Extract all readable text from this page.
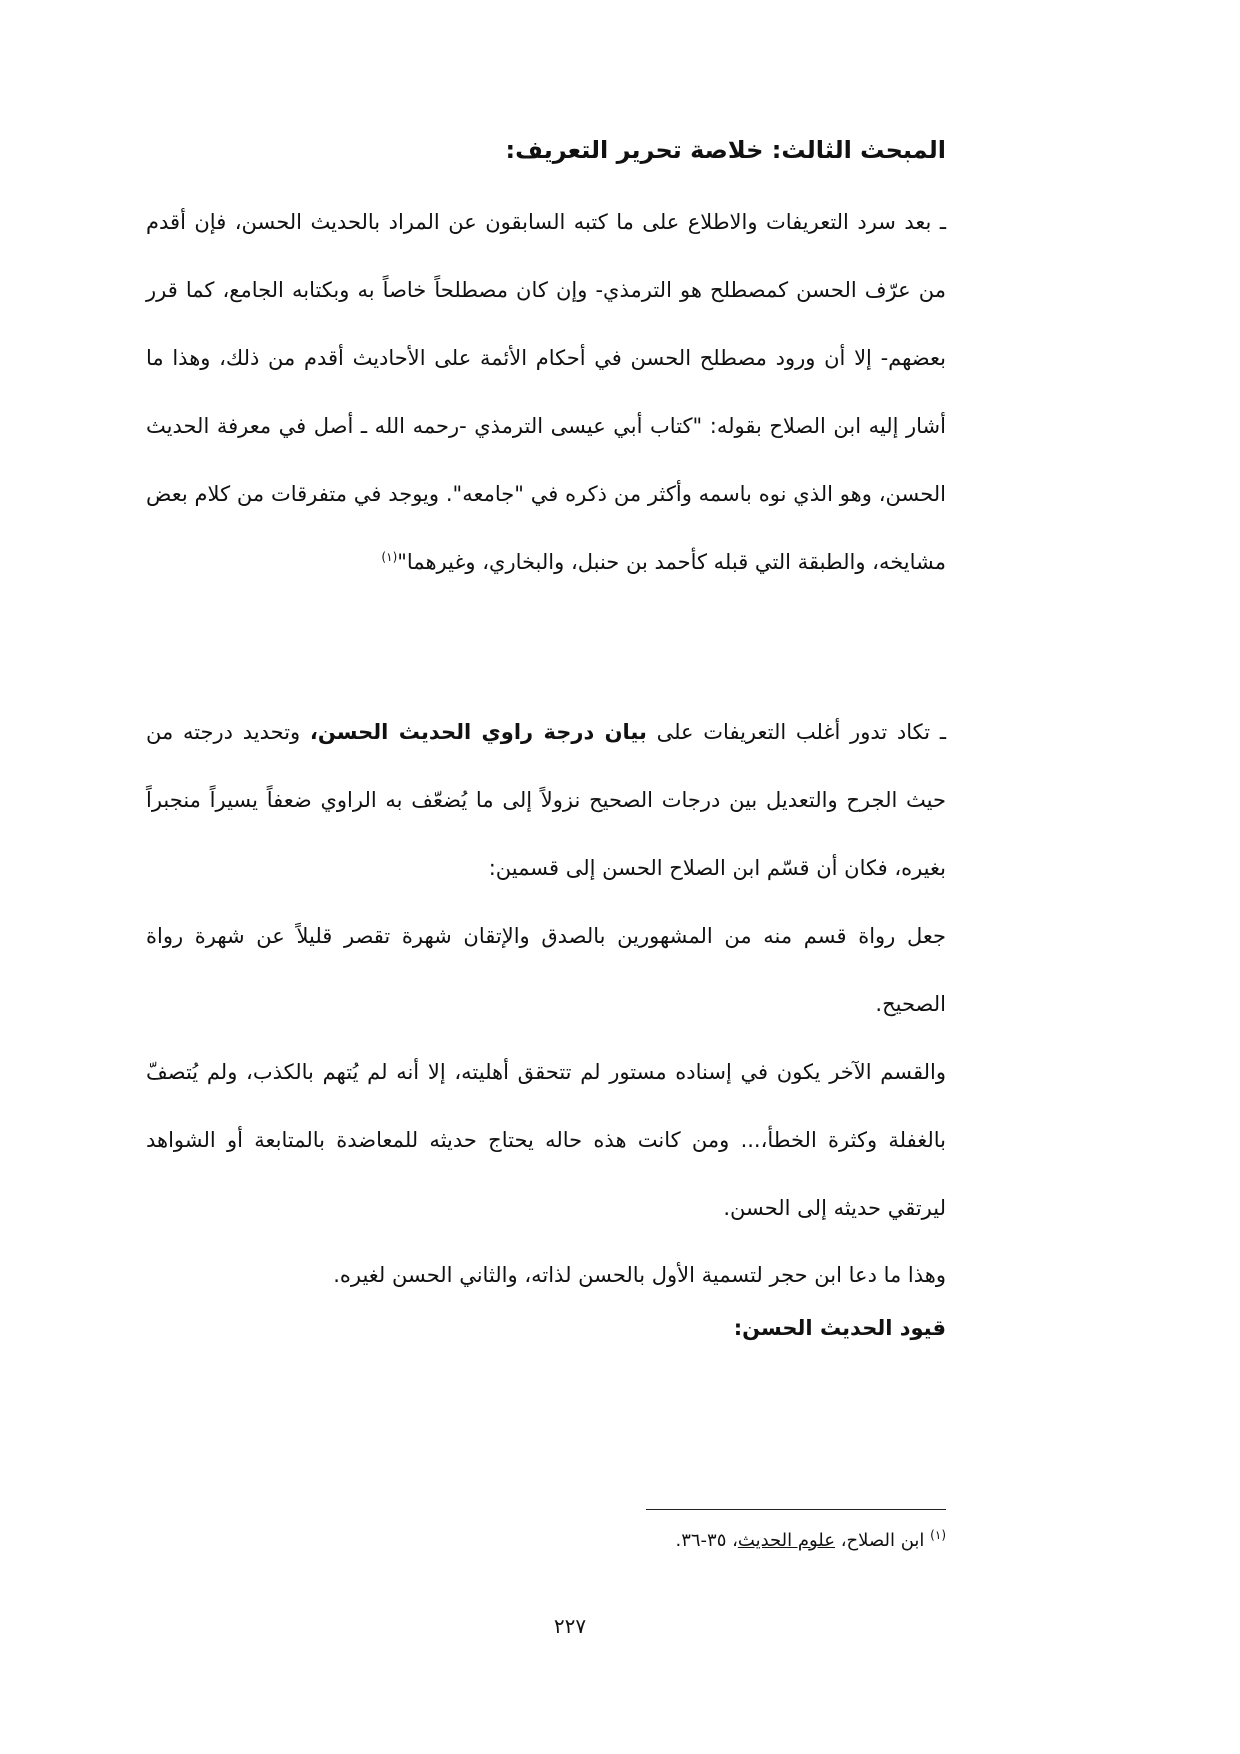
المبحث الثالث: خلاصة تحرير التعريف:

ـ بعد سرد التعريفات والاطلاع على ما كتبه السابقون عن المراد بالحديث الحسن، فإن أقدم من عرّف الحسن كمصطلح هو الترمذي- وإن كان مصطلحاً خاصاً به وبكتابه الجامع، كما قرر بعضهم- إلا أن ورود مصطلح الحسن في أحكام الأئمة على الأحاديث أقدم من ذلك، وهذا ما أشار إليه ابن الصلاح بقوله: "كتاب أبي عيسى الترمذي -رحمه الله ـ أصل في معرفة الحديث الحسن، وهو الذي نوه باسمه وأكثر من ذكره في "جامعه". ويوجد في متفرقات من كلام بعض مشايخه، والطبقة التي قبله كأحمد بن حنبل، والبخاري، وغيرهما"$^{(١)}$

ـ تكاد تدور أغلب التعريفات على بيان درجة راوي الحديث الحسن، وتحديد درجته من حيث الجرح والتعديل بين درجات الصحيح نزولاً إلى ما يُضعّف به الراوي ضعفاً يسيراً منجبراً بغيره، فكان أن قسّم ابن الصلاح الحسن إلى قسمين:

جعل رواة قسم منه من المشهورين بالصدق والإتقان شهرة تقصر قليلاً عن شهرة رواة الصحيح.

والقسم الآخر يكون في إسناده مستور لم تتحقق أهليته، إلا أنه لم يُتهم بالكذب، ولم يُتصفّ بالغفلة وكثرة الخطأ،... ومن كانت هذه حاله يحتاج حديثه للمعاضدة بالمتابعة أو الشواهد ليرتقي حديثه إلى الحسن.

وهذا ما دعا ابن حجر لتسمية الأول بالحسن لذاته، والثاني الحسن لغيره.

قيود الحديث الحسن:
$^{(١)}$ ابن الصلاح، علوم الحديث، ٣٥-٣٦.
٢٢٧
